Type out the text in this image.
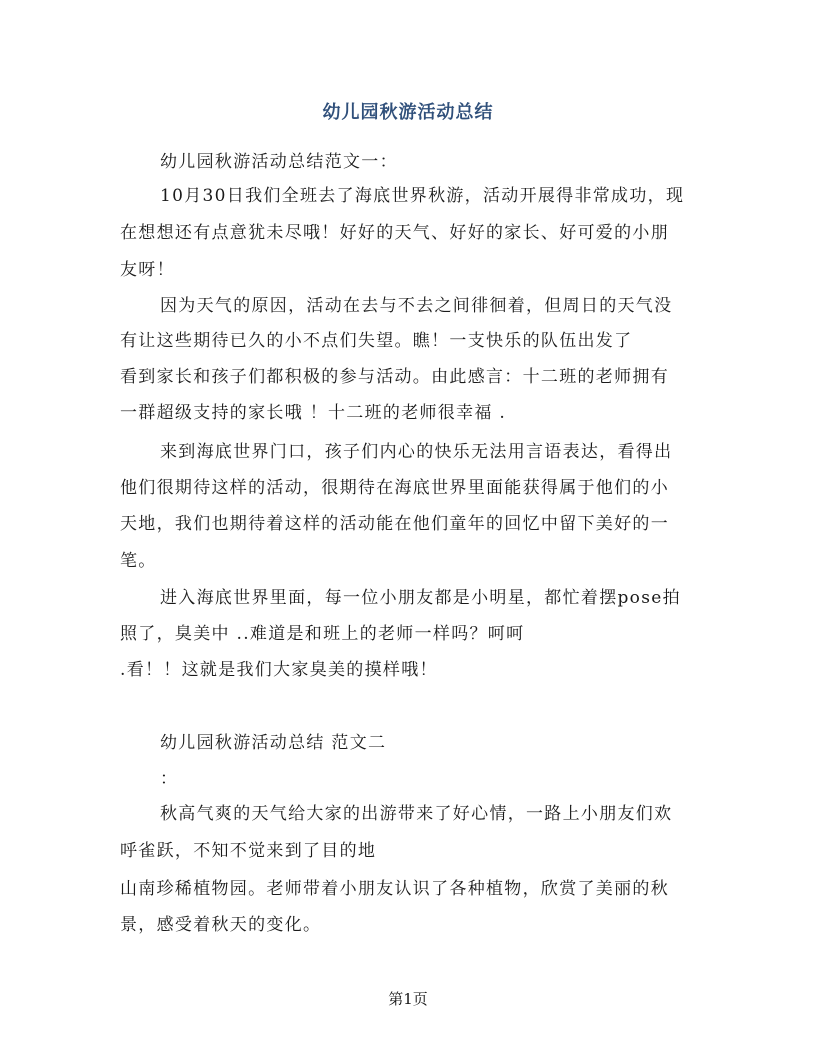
幼儿园秋游活动总结
幼儿园秋游活动总结范文一：
10月30日我们全班去了海底世界秋游，活动开展得非常成功，现
在想想还有点意犹未尽哦！好好的天气、好好的家长、好可爱的小朋
友呀！
因为天气的原因，活动在去与不去之间徘徊着，但周日的天气没
有让这些期待已久的小不点们失望。瞧！一支快乐的队伍出发了
看到家长和孩子们都积极的参与活动。由此感言：十二班的老师拥有
一群超级支持的家长哦 ！十二班的老师很幸福 .
来到海底世界门口，孩子们内心的快乐无法用言语表达，看得出
他们很期待这样的活动，很期待在海底世界里面能获得属于他们的小
天地，我们也期待着这样的活动能在他们童年的回忆中留下美好的一
笔。
进入海底世界里面，每一位小朋友都是小明星，都忙着摆pose拍
照了，臭美中 ..难道是和班上的老师一样吗？呵呵
.看！！这就是我们大家臭美的摸样哦！
幼儿园秋游活动总结 范文二
：
秋高气爽的天气给大家的出游带来了好心情，一路上小朋友们欢
呼雀跃，不知不觉来到了目的地
山南珍稀植物园。老师带着小朋友认识了各种植物，欣赏了美丽的秋
景，感受着秋天的变化。
第1页
